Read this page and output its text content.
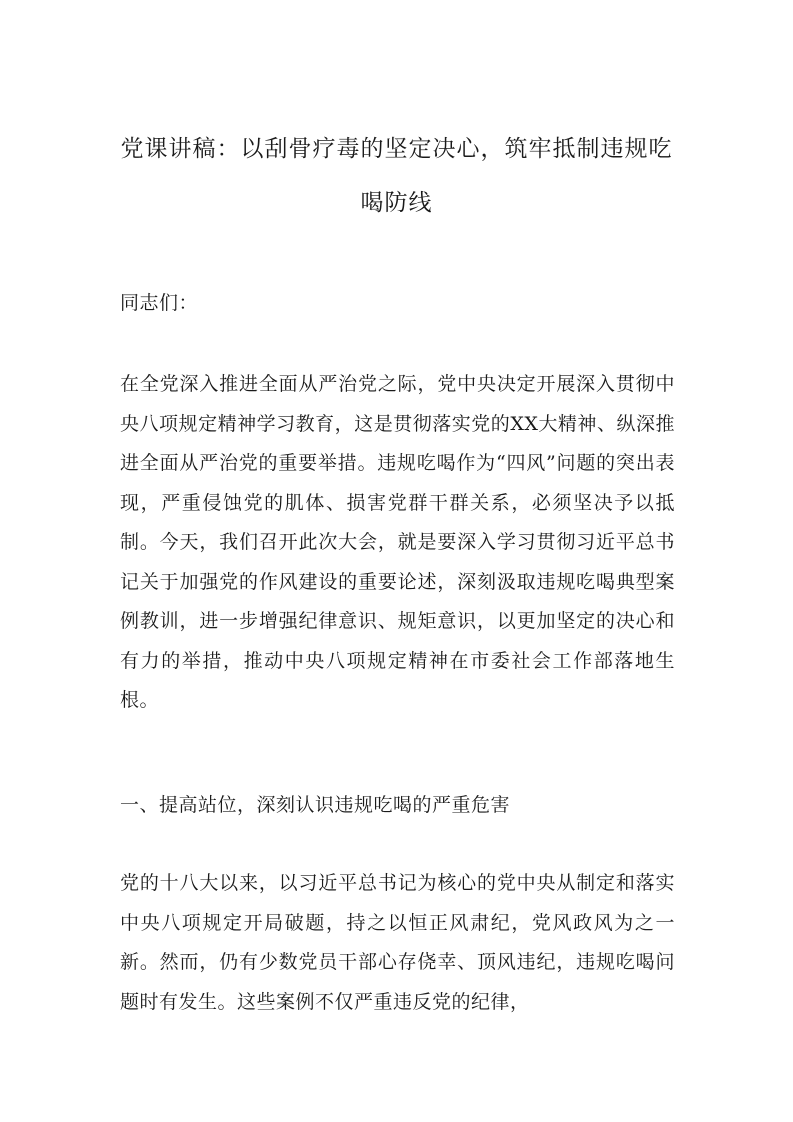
党课讲稿：以刮骨疗毒的坚定决心，筑牢抵制违规吃喝防线

同志们：

在全党深入推进全面从严治党之际，党中央决定开展深入贯彻中央八项规定精神学习教育，这是贯彻落实党的XX大精神、纵深推进全面从严治党的重要举措。违规吃喝作为“四风”问题的突出表现，严重侵蚀党的肌体、损害党群干群关系，必须坚决予以抵制。今天，我们召开此次大会，就是要深入学习贯彻习近平总书记关于加强党的作风建设的重要论述，深刻汲取违规吃喝典型案例教训，进一步增强纪律意识、规矩意识，以更加坚定的决心和有力的举措，推动中央八项规定精神在市委社会工作部落地生根。

一、提高站位，深刻认识违规吃喝的严重危害

党的十八大以来，以习近平总书记为核心的党中央从制定和落实中央八项规定开局破题，持之以恒正风肃纪，党风政风为之一新。然而，仍有少数党员干部心存侥幸、顶风违纪，违规吃喝问题时有发生。这些案例不仅严重违反党的纪律，
